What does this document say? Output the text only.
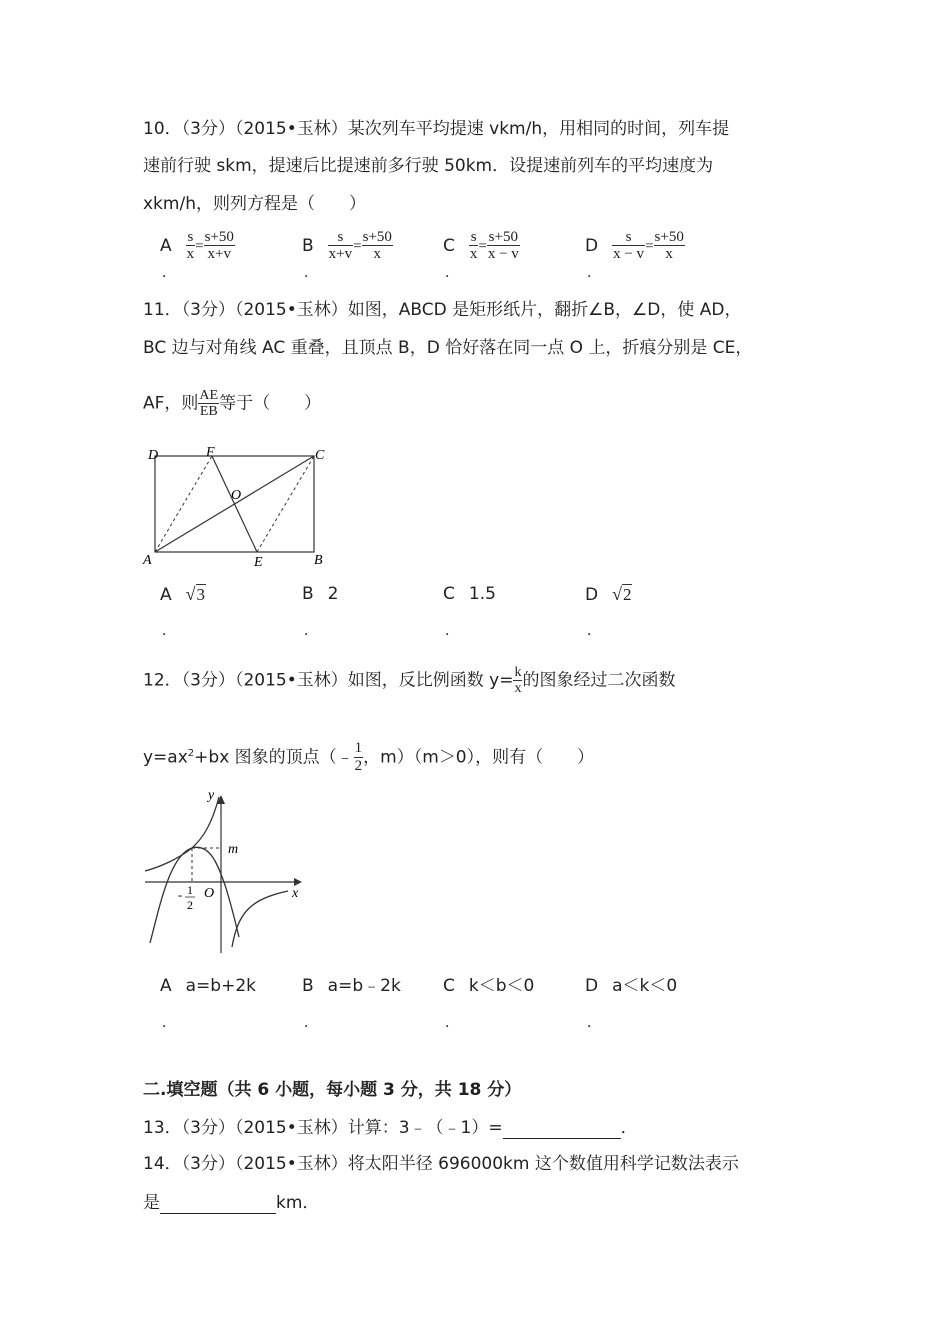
10．（3分）（2015•玉林）某次列车平均提速 vkm/h，用相同的时间，列车提
速前行驶 skm，提速后比提速前多行驶 50km．设提速前列车的平均速度为
xkm/h，则列方程是（　　）
A $\frac{s}{x} = \frac{s+50}{x+v}$
．
B $\frac{s}{x+v} = \frac{s+50}{x}$
．
C $\frac{s}{x} = \frac{s+50}{x - v}$
．
D $\frac{s}{x - v} = \frac{s+50}{x}$
．
11．（3分）（2015•玉林）如图，ABCD 是矩形纸片，翻折∠B，∠D，使 AD，
BC 边与对角线 AC 重叠，且顶点 B，D 恰好落在同一点 O 上，折痕分别是 CE，
AF，则 $\frac{AE}{EB}$ 等于（　　）
D	F	C
O
A	E	B
A √3
．
B 2
．
C 1.5
．
D √2
．
12．（3分）（2015•玉林）如图，反比例函数 $y= \frac{k}{x}$ 的图象经过二次函数
$y=ax^2+bx$ 图象的顶点（﹣ $\frac{1}{2}$ ，m）（m＞0），则有（　　）
y
x
m
O
- 1
2
A a=b+2k
．
B a=b﹣2k
．
C k＜b＜0
．
D a＜k＜0
．
二.填空题（共 6 小题，每小题 3 分，共 18 分）
13．（3分）（2015•玉林）计算：3﹣（﹣1）=	．
14．（3分）（2015•玉林）将太阳半径 696000km 这个数值用科学记数法表示
是	km．
